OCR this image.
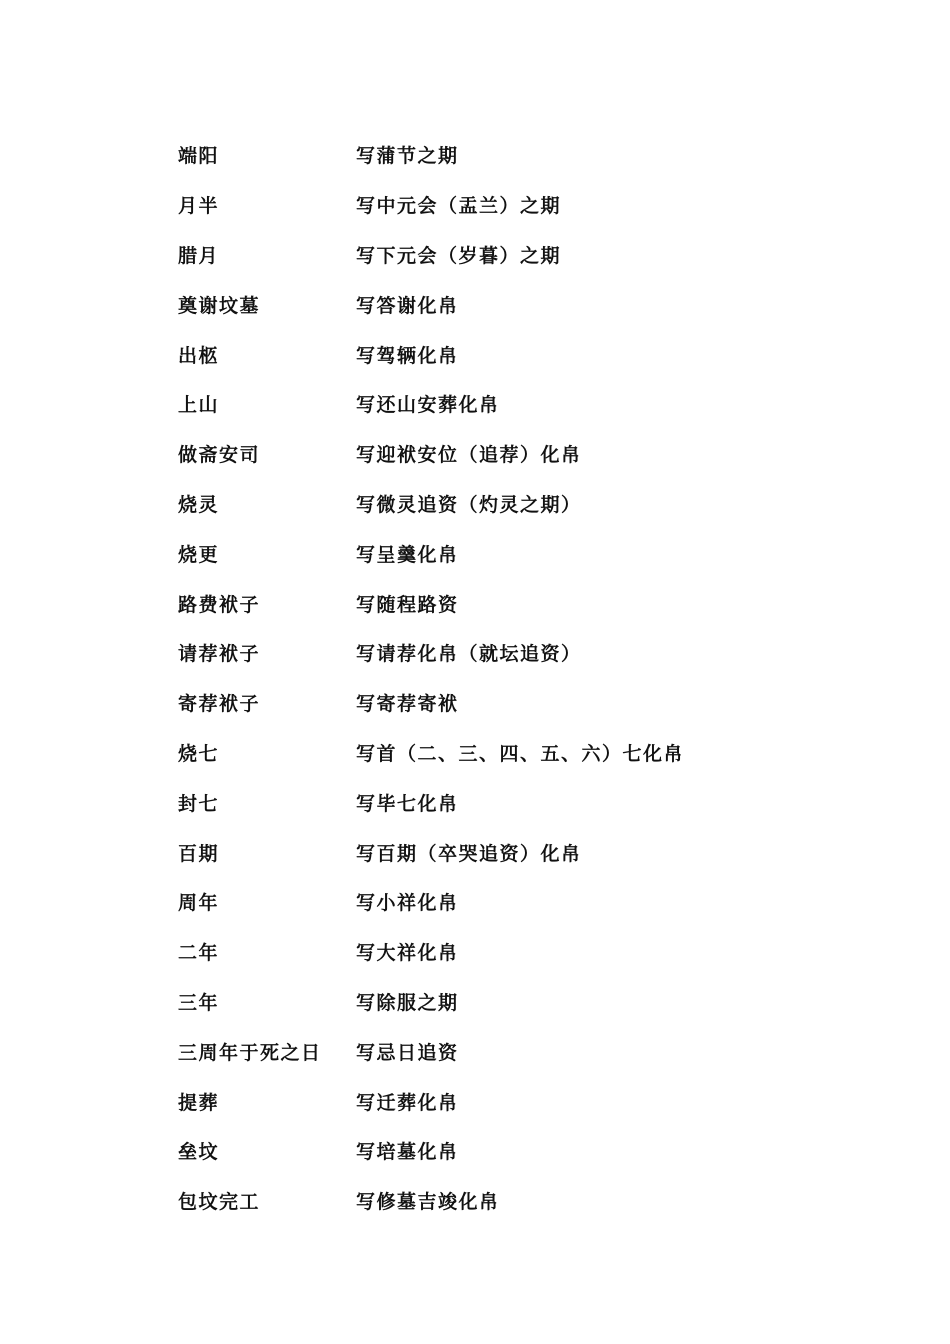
端阳	写蒲节之期
月半	写中元会（盂兰）之期
腊月	写下元会（岁暮）之期
奠谢坟墓	写答谢化帛
出柩	写驾辆化帛
上山	写还山安葬化帛
做斋安司	写迎袱安位（追荐）化帛
烧灵	写微灵追资（灼灵之期）
烧更	写呈羹化帛
路费袱子	写随程路资
请荐袱子	写请荐化帛（就坛追资）
寄荐袱子	写寄荐寄袱
烧七	写首（二、三、四、五、六）七化帛
封七	写毕七化帛
百期	写百期（卒哭追资）化帛
周年	写小祥化帛
二年	写大祥化帛
三年	写除服之期
三周年于死之日	写忌日追资
提葬	写迁葬化帛
垒坟	写培墓化帛
包坟完工	写修墓吉竣化帛
